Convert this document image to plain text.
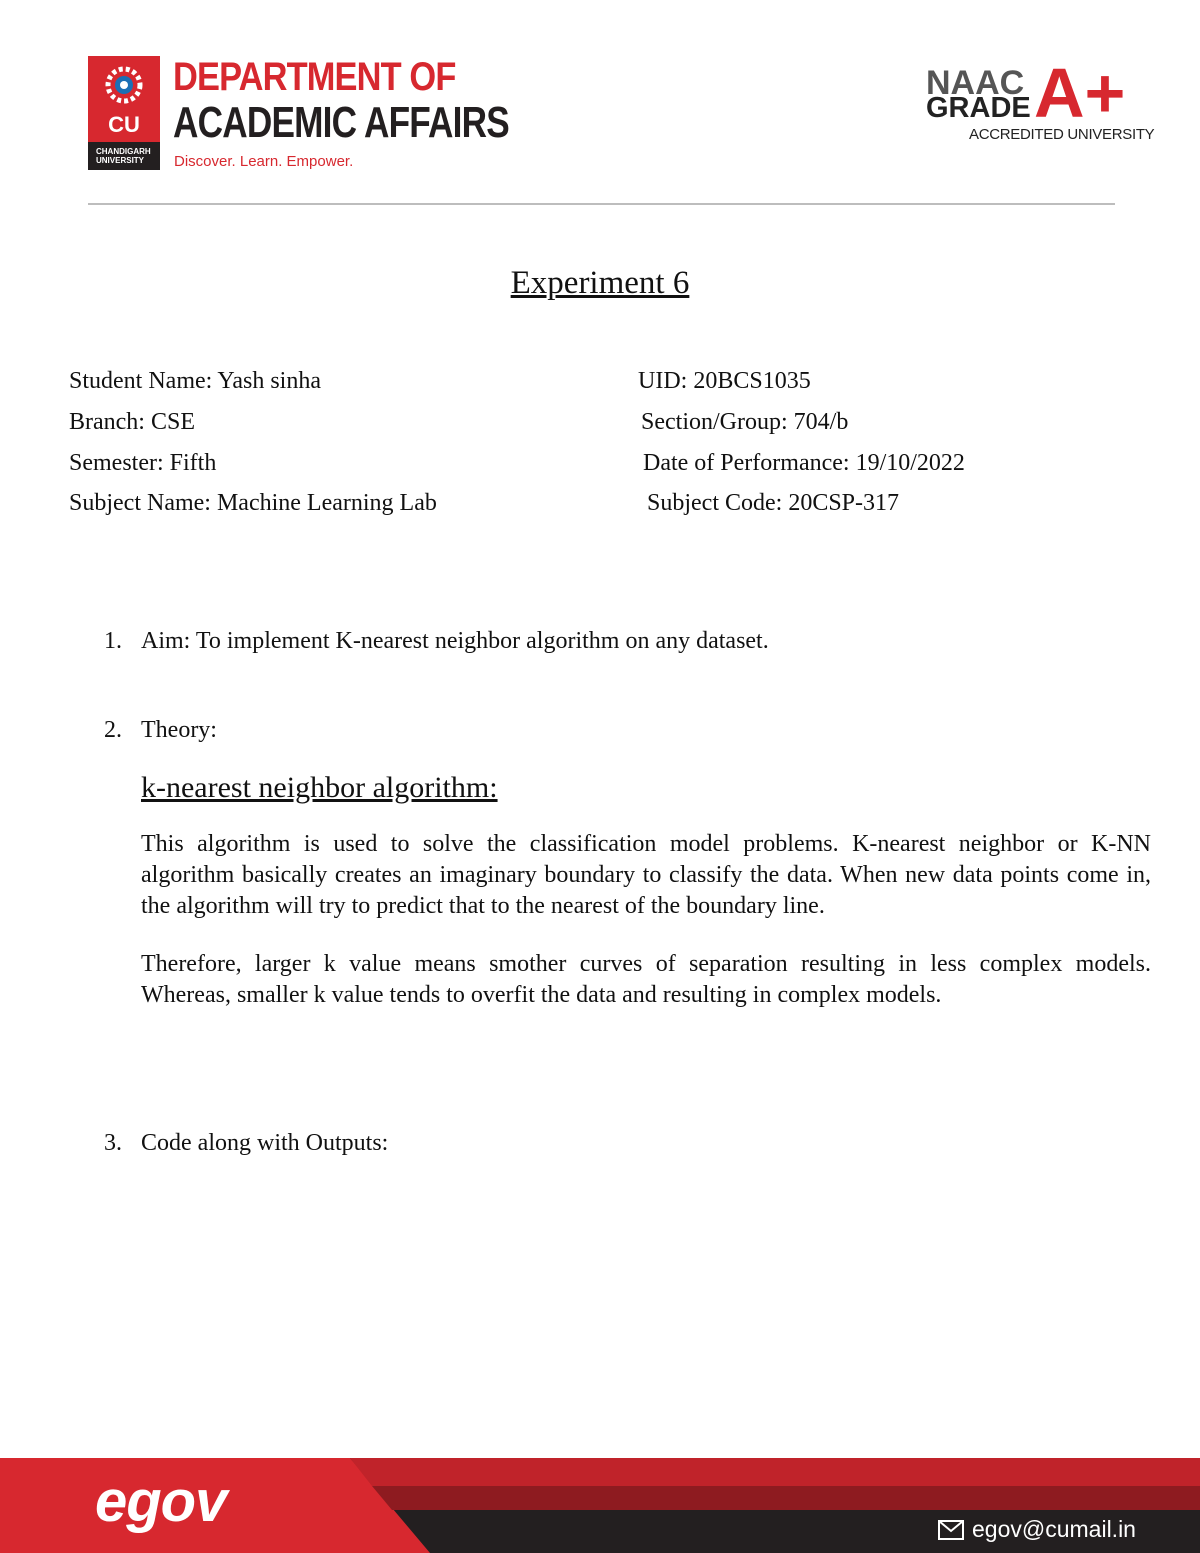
CU
CHANDIGARH UNIVERSITY
DEPARTMENT OF
ACADEMIC AFFAIRS
Discover. Learn. Empower.
NAAC
GRADE A+
ACCREDITED UNIVERSITY
Experiment 6
Student Name: Yash sinha	UID: 20BCS1035
Branch: CSE	Section/Group: 704/b
Semester: Fifth	Date of Performance: 19/10/2022
Subject Name: Machine Learning Lab	Subject Code: 20CSP-317
1. Aim: To implement K-nearest neighbor algorithm on any dataset.
2. Theory:
k-nearest neighbor algorithm:
This algorithm is used to solve the classification model problems. K-nearest neighbor or K-NN algorithm basically creates an imaginary boundary to classify the data. When new data points come in, the algorithm will try to predict that to the nearest of the boundary line.
Therefore, larger k value means smother curves of separation resulting in less complex models. Whereas, smaller k value tends to overfit the data and resulting in complex models.
3. Code along with Outputs:
egov	egov@cumail.in
